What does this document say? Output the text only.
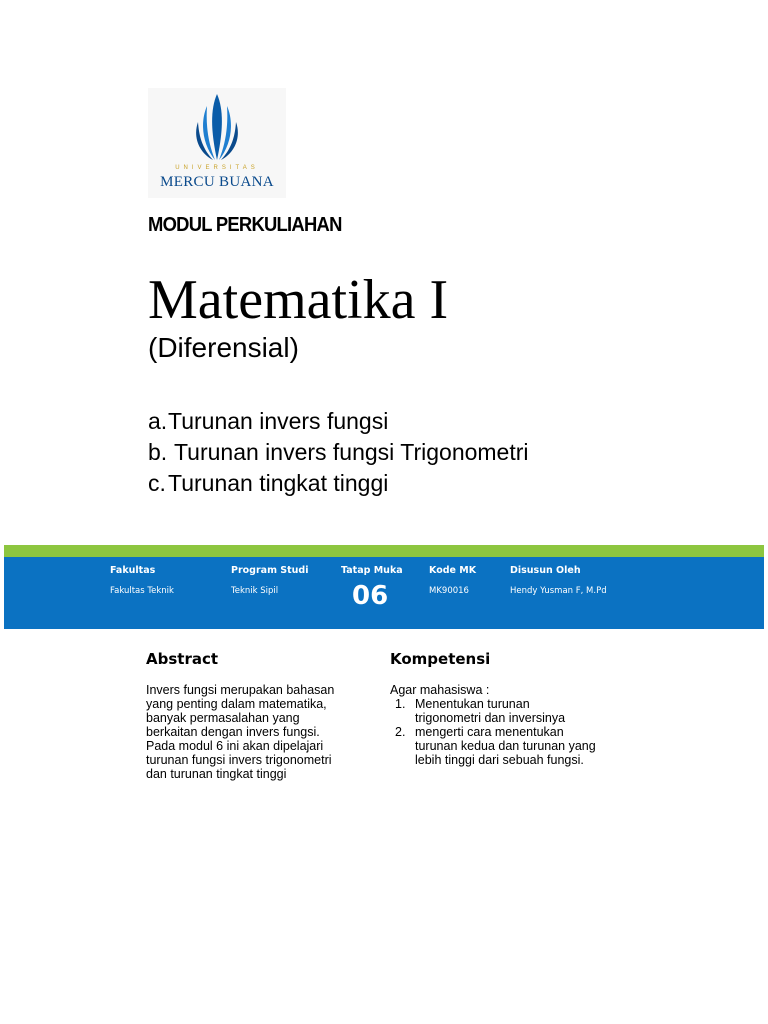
UNIVERSITAS
MERCU BUANA
MODUL PERKULIAHAN
Matematika I
(Diferensial)
a.Turunan invers fungsi
b. Turunan invers fungsi Trigonometri
c.Turunan tingkat tinggi
Fakultas
Fakultas Teknik
Program Studi
Teknik Sipil
Tatap Muka
06
Kode MK
MK90016
Disusun Oleh
Hendy Yusman F, M.Pd
Abstract
Invers fungsi merupakan bahasan
yang penting dalam matematika,
banyak permasalahan yang
berkaitan dengan invers fungsi.
Pada modul 6 ini akan dipelajari
turunan fungsi invers trigonometri
dan turunan tingkat tinggi
Kompetensi
Agar mahasiswa :
1. Menentukan turunan
trigonometri dan inversinya
2. mengerti cara menentukan
turunan kedua dan turunan yang
lebih tinggi dari sebuah fungsi.
